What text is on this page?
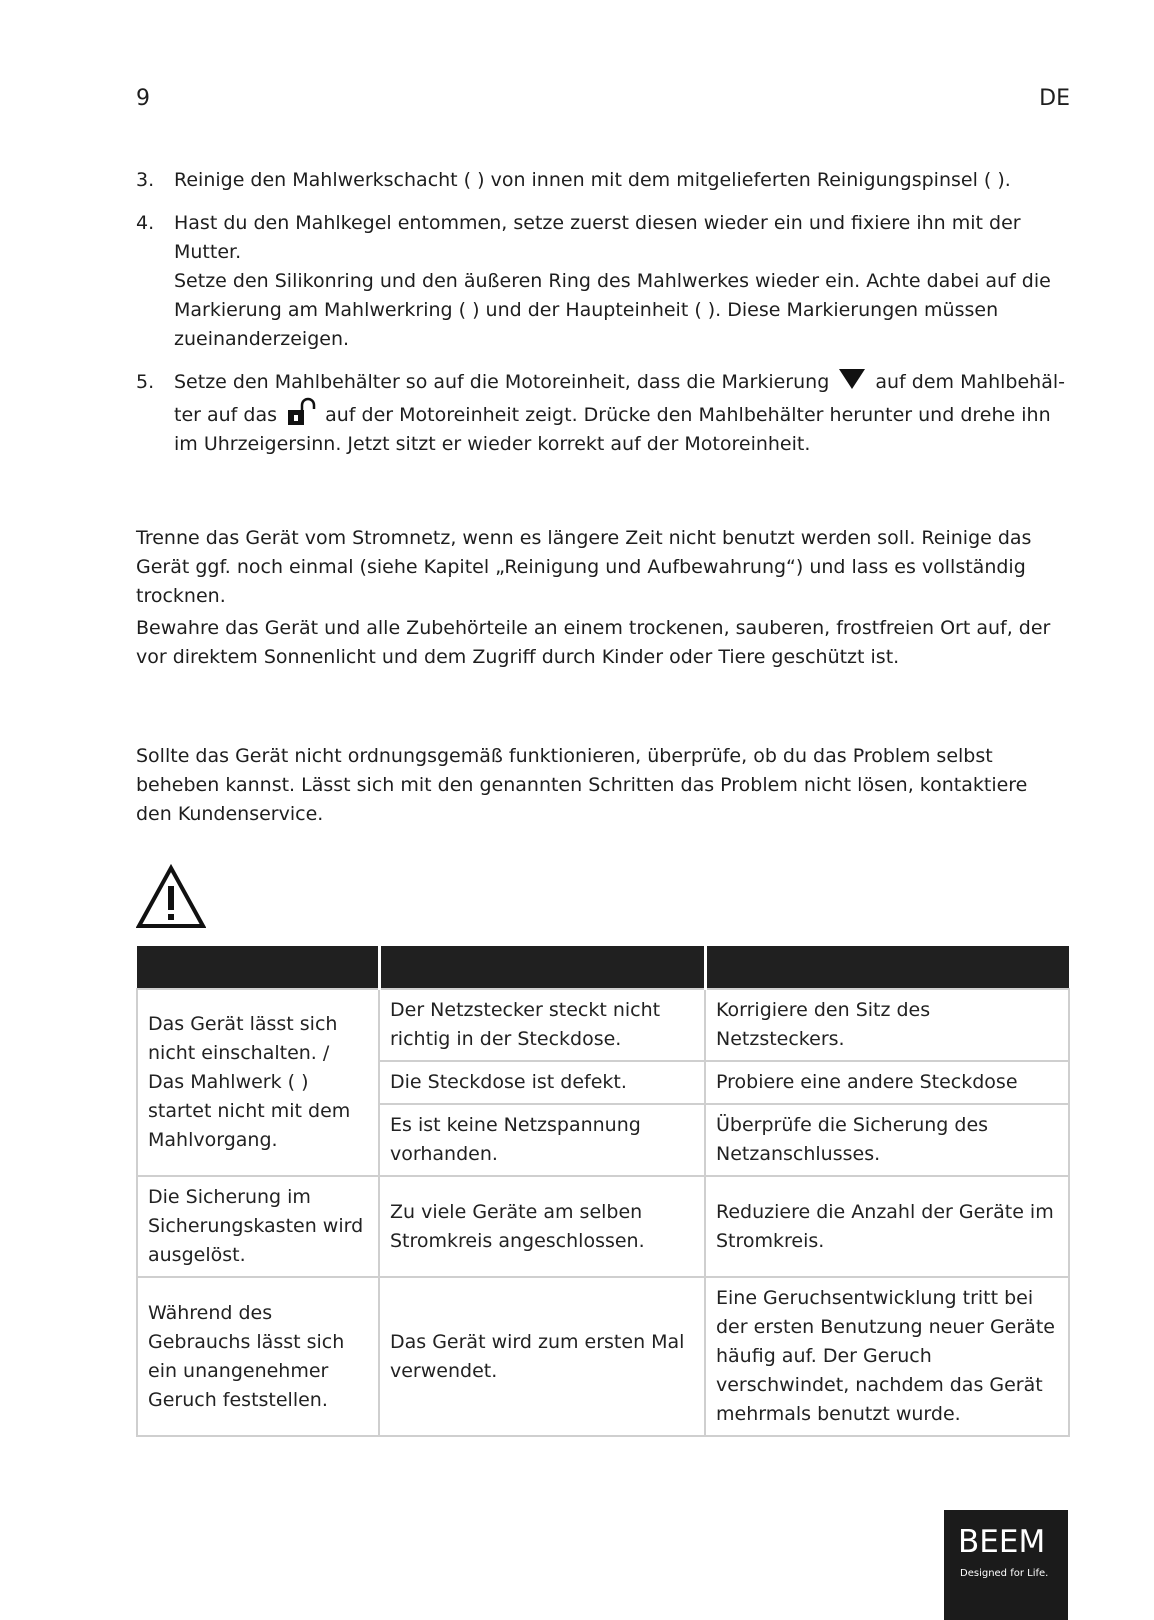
9	DE
3.	Reinige den Mahlwerkschacht ( ) von innen mit dem mitgelieferten Reinigungspinsel ( ).

4.	Hast du den Mahlkegel entommen, setze zuerst diesen wieder ein und fixiere ihn mit der Mutter.

Setze den Silikonring und den äußeren Ring des Mahlwerkes wieder ein. Achte dabei auf die Markierung am Mahlwerkring ( ) und der Haupteinheit ( ). Diese Markierungen müssen zueinanderzeigen.

5.	Setze den Mahlbehälter so auf die Motoreinheit, dass die Markierung auf dem Mahlbehäl-ter auf das	auf der Motoreinheit zeigt. Drücke den Mahlbehälter herunter und drehe ihn im Uhrzeigersinn. Jetzt sitzt er wieder korrekt auf der Motoreinheit.

Trenne das Gerät vom Stromnetz, wenn es längere Zeit nicht benutzt werden soll. Reinige das Gerät ggf. noch einmal (siehe Kapitel „Reinigung und Aufbewahrung“) und lass es vollständig trocknen.

Bewahre das Gerät und alle Zubehörteile an einem trockenen, sauberen, frostfreien Ort auf, der vor direktem Sonnenlicht und dem Zugriff durch Kinder oder Tiere geschützt ist.

Sollte das Gerät nicht ordnungsgemäß funktionieren, überprüfe, ob du das Problem selbst beheben kannst. Lässt sich mit den genannten Schritten das Problem nicht lösen, kontaktiere den Kundenservice.

Das Gerät lässt sich nicht einschalten. / Das Mahlwerk ( ) startet nicht mit dem Mahlvorgang.	Der Netzstecker steckt nicht richtig in der Steckdose.	Korrigiere den Sitz des Netzsteckers.
	Die Steckdose ist defekt.	Probiere eine andere Steckdose
	Es ist keine Netzspannung vorhanden.	Überprüfe die Sicherung des Netzanschlusses.
Die Sicherung im Sicherungskasten wird ausgelöst.	Zu viele Geräte am selben Stromkreis angeschlossen.	Reduziere die Anzahl der Geräte im Stromkreis.
Während des Gebrauchs lässt sich ein unangenehmer Geruch feststellen.	Das Gerät wird zum ersten Mal verwendet.	Eine Geruchsentwicklung tritt bei der ersten Benutzung neuer Geräte häufig auf. Der Geruch verschwindet, nachdem das Gerät mehrmals benutzt wurde.
BEEM
Designed for Life.
